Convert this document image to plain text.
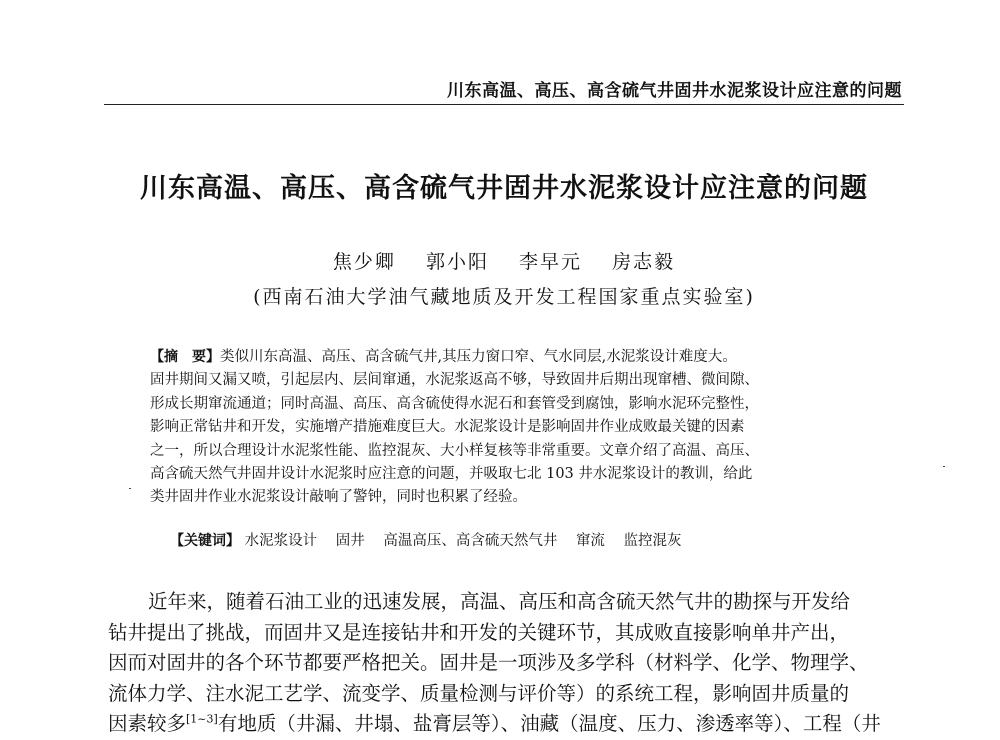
川东高温、高压、高含硫气井固井水泥浆设计应注意的问题
川东高温、高压、高含硫气井固井水泥浆设计应注意的问题
焦少卿 郭小阳 李早元 房志毅
(西南石油大学油气藏地质及开发工程国家重点实验室)
【摘　要】类似川东高温、高压、高含硫气井,其压力窗口窄、气水同层,水泥浆设计难度大。
固井期间又漏又喷，引起层内、层间窜通，水泥浆返高不够，导致固井后期出现窜槽、微间隙、
形成长期窜流通道；同时高温、高压、高含硫使得水泥石和套管受到腐蚀，影响水泥环完整性，
影响正常钻井和开发，实施增产措施难度巨大。水泥浆设计是影响固井作业成败最关键的因素
之一，所以合理设计水泥浆性能、监控混灰、大小样复核等非常重要。文章介绍了高温、高压、
高含硫天然气井固井设计水泥浆时应注意的问题，并吸取七北 103 井水泥浆设计的教训，给此
类井固井作业水泥浆设计敲响了警钟，同时也积累了经验。
【关键词】 水泥浆设计 固井 高温高压、高含硫天然气井 窜流 监控混灰
近年来，随着石油工业的迅速发展，高温、高压和高含硫天然气井的勘探与开发给
钻井提出了挑战，而固井又是连接钻井和开发的关键环节，其成败直接影响单井产出，
因而对固井的各个环节都要严格把关。固井是一项涉及多学科（材料学、化学、物理学、
流体力学、注水泥工艺学、流变学、质量检测与评价等）的系统工程，影响固井质量的
因素较多[1~3]有地质（井漏、井塌、盐膏层等）、油藏（温度、压力、渗透率等）、工程（井
